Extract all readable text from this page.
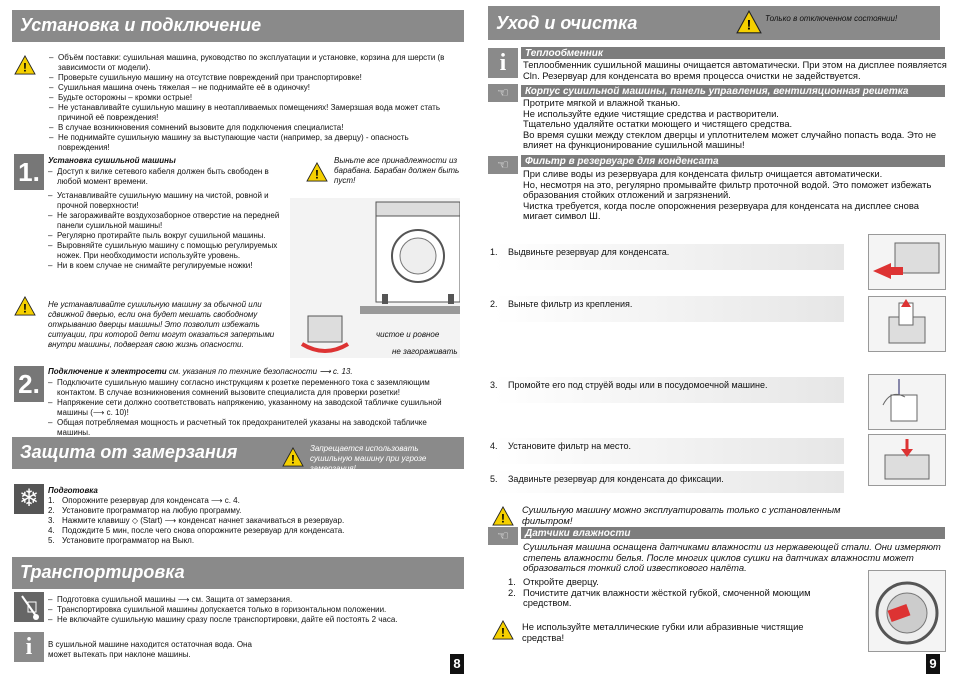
Установка и подключение
!
– Объём поставки: сушильная машина, руководство по эксплуатации и установке, корзина для шерсти (в зависимости от модели).
– Проверьте сушильную машину на отсутствие повреждений при транспортировке!
– Сушильная машина очень тяжелая – не поднимайте её в одиночку!
– Будьте осторожны – кромки острые!
– Не устанавливайте сушильную машину в неотапливаемых помещениях! Замерзшая вода может стать причиной её повреждения!
– В случае возникновения сомнений вызовите для подключения специалиста!
– Не поднимайте сушильную машину за выступающие части (например, за дверцу) - опасность повреждения!
1.	Установка сушильной машины
– Доступ к вилке сетевого кабеля должен быть свободен в любой момент времени.
– Устанавливайте сушильную машину на чистой, ровной и прочной поверхности!
– Не загораживайте воздухозаборное отверстие на передней панели сушильной машины!
– Регулярно протирайте пыль вокруг сушильной машины.
– Выровняйте сушильную машину с помощью регулируемых ножек. При необходимости используйте уровень.
– Ни в коем случае не снимайте регулируемые ножки!
!
Выньте все принадлежности из барабана. Барабан должен быть пуст!
чистое и ровное
не загораживать
!	Не устанавливайте сушильную машину за обычной или сдвижной дверью, если она будет мешать свободному открыванию дверцы машины! Это позволит избежать ситуации, при которой дети могут оказаться запертыми внутри машины, подвергая свою жизнь опасности.
2.	Подключение к электросети см. указания по технике безопасности ⟶ с. 13.
– Подключите сушильную машину согласно инструкциям к розетке переменного тока с заземляющим контактом. В случае возникновения сомнений вызовите специалиста для проверки розетки!
– Напряжение сети должно соответствовать напряжению, указанному на заводской табличке сушильной машины (⟶ с. 10)!
– Общая потребляемая мощность и расчетный ток предохранителей указаны на заводской табличке машины.
Защита от замерзания	!
Запрещается использовать сушильную машину при угрозе замерзания!
❄	Подготовка
1. Опорожните резервуар для конденсата ⟶ с. 4.
2. Установите программатор на любую программу.
3. Нажмите клавишу ◇ (Start) ⟶ конденсат начнет закачиваться в резервуар.
4. Подождите 5 мин, после чего снова опорожните резервуар для конденсата.
5. Установите программатор на Выкл.
Транспортировка
– Подготовка сушильной машины ⟶ см. Защита от замерзания.
– Транспортировка сушильной машины допускается только в горизонтальном положении.
– Не включайте сушильную машину сразу после транспортировки, дайте ей постоять 2 часа.
i	В сушильной машине находится остаточная вода. Она может вытекать при наклоне машины.
8
Уход и очистка	! Только в отключенном состоянии!
i	Теплообменник
Теплообменник сушильной машины очищается автоматически. При этом на дисплее появляется Cln. Резервуар для конденсата во время процесса очистки не задействуется.
☜	Корпус сушильной машины, панель управления, вентиляционная решетка
Протрите мягкой и влажной тканью.
Не используйте едкие чистящие средства и растворители.
Тщательно удаляйте остатки моющего и чистящего средства.
Во время сушки между стеклом дверцы и уплотнителем может случайно попасть вода. Это не влияет на функционирование сушильной машины!
☜	Фильтр в резервуаре для конденсата
При сливе воды из резервуара для конденсата фильтр очищается автоматически.
Но, несмотря на это, регулярно промывайте фильтр проточной водой. Это поможет избежать образования стойких отложений и загрязнений.
Чистка требуется, когда после опорожнения резервуара для конденсата на дисплее снова мигает символ Ш.
1. Выдвиньте резервуар для конденсата.
2. Выньте фильтр из крепления.
3. Промойте его под струёй воды или в посудомоечной машине.
4. Установите фильтр на место.
5. Задвиньте резервуар для конденсата до фиксации.
!
Сушильную машину можно эксплуатировать только с установленным фильтром!
☜	Датчики влажности
Сушильная машина оснащена датчиками влажности из нержавеющей стали. Они измеряют степень влажности белья. После многих циклов сушки на датчиках влажности может образоваться тонкий слой известкового налёта.
1. Откройте дверцу.
2. Почистите датчик влажности жёсткой губкой, смоченной моющим средством.
! Не используйте металлические губки или абразивные чистящие средства!
9
